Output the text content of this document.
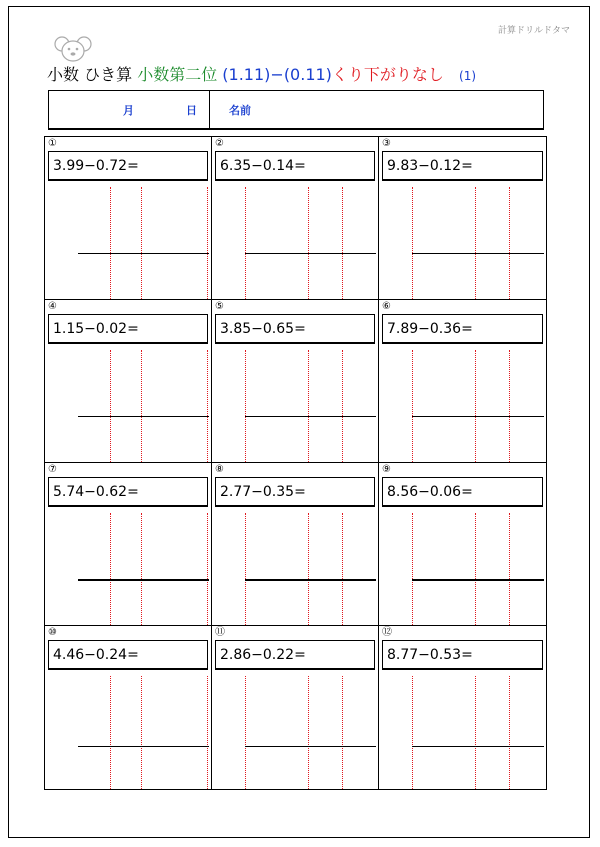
計算ドリルドタマ
小数 ひき算 小数第二位 (1.11)−(0.11)くり下がりなし (1)
月	日	名前
①
3.99−0.72=
②
6.35−0.14=
③
9.83−0.12=
④
1.15−0.02=
⑤
3.85−0.65=
⑥
7.89−0.36=
⑦
5.74−0.62=
⑧
2.77−0.35=
⑨
8.56−0.06=
⑩
4.46−0.24=
⑪
2.86−0.22=
⑫
8.77−0.53=
